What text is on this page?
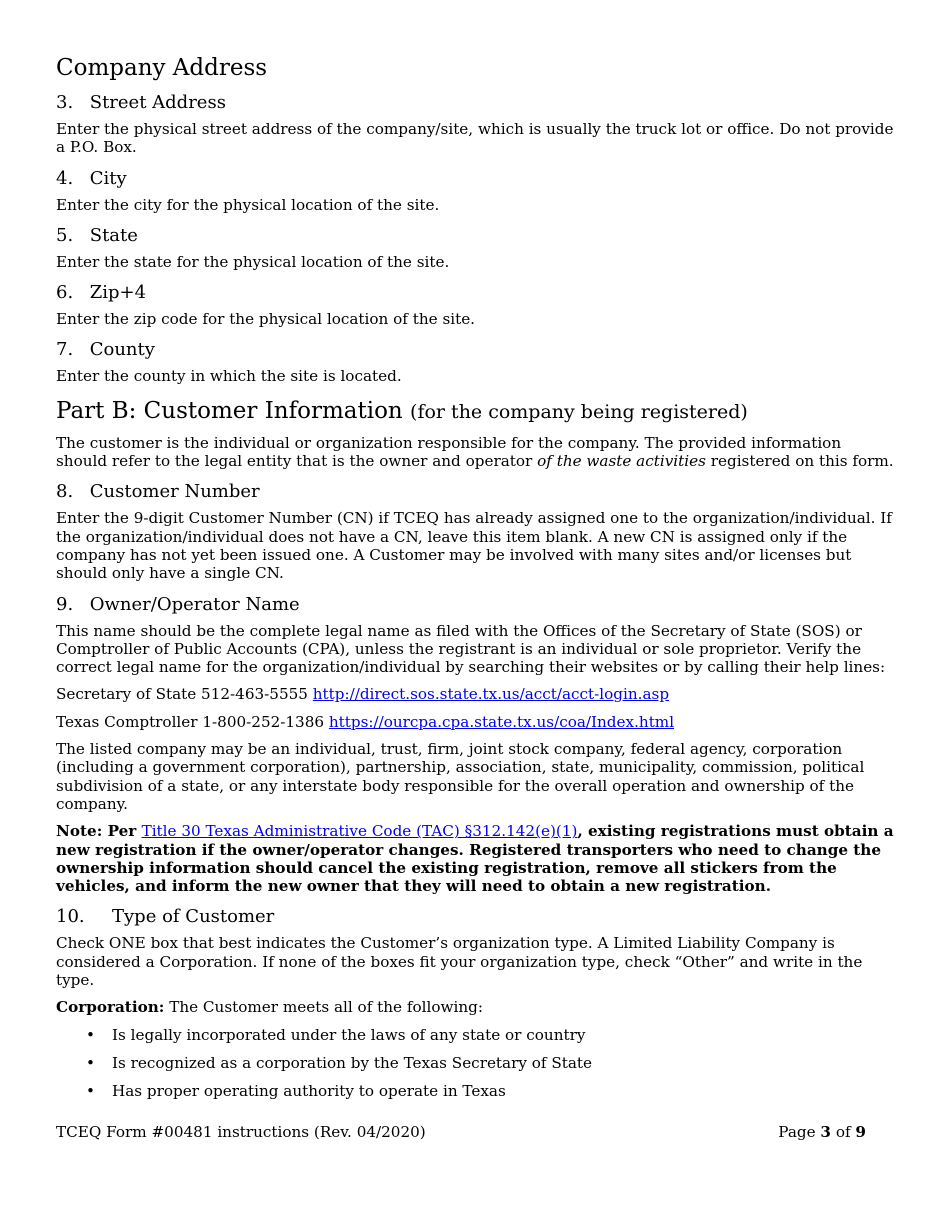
Company Address
3. Street Address

Enter the physical street address of the company/site, which is usually the truck lot or office. Do not provide a P.O. Box.

4. City

Enter the city for the physical location of the site.

5. State

Enter the state for the physical location of the site.

6. Zip+4

Enter the zip code for the physical location of the site.

7. County

Enter the county in which the site is located.

Part B: Customer Information (for the company being registered)

The customer is the individual or organization responsible for the company. The provided information should refer to the legal entity that is the owner and operator of the waste activities registered on this form.

8. Customer Number

Enter the 9-digit Customer Number (CN) if TCEQ has already assigned one to the organization/individual. If the organization/individual does not have a CN, leave this item blank. A new CN is assigned only if the company has not yet been issued one. A Customer may be involved with many sites and/or licenses but should only have a single CN.

9. Owner/Operator Name

This name should be the complete legal name as filed with the Offices of the Secretary of State (SOS) or Comptroller of Public Accounts (CPA), unless the registrant is an individual or sole proprietor. Verify the correct legal name for the organization/individual by searching their websites or by calling their help lines:

Secretary of State 512-463-5555 http://direct.sos.state.tx.us/acct/acct-login.asp

Texas Comptroller 1-800-252-1386 https://ourcpa.cpa.state.tx.us/coa/Index.html

The listed company may be an individual, trust, firm, joint stock company, federal agency, corporation (including a government corporation), partnership, association, state, municipality, commission, political subdivision of a state, or any interstate body responsible for the overall operation and ownership of the company.

Note: Per Title 30 Texas Administrative Code (TAC) §312.142(e)(1), existing registrations must obtain a new registration if the owner/operator changes. Registered transporters who need to change the ownership information should cancel the existing registration, remove all stickers from the vehicles, and inform the new owner that they will need to obtain a new registration.

10. Type of Customer

Check ONE box that best indicates the Customer’s organization type. A Limited Liability Company is considered a Corporation. If none of the boxes fit your organization type, check “Other” and write in the type.

Corporation: The Customer meets all of the following:

• Is legally incorporated under the laws of any state or country
• Is recognized as a corporation by the Texas Secretary of State
• Has proper operating authority to operate in Texas
TCEQ Form #00481 instructions (Rev. 04/2020)	Page 3 of 9
